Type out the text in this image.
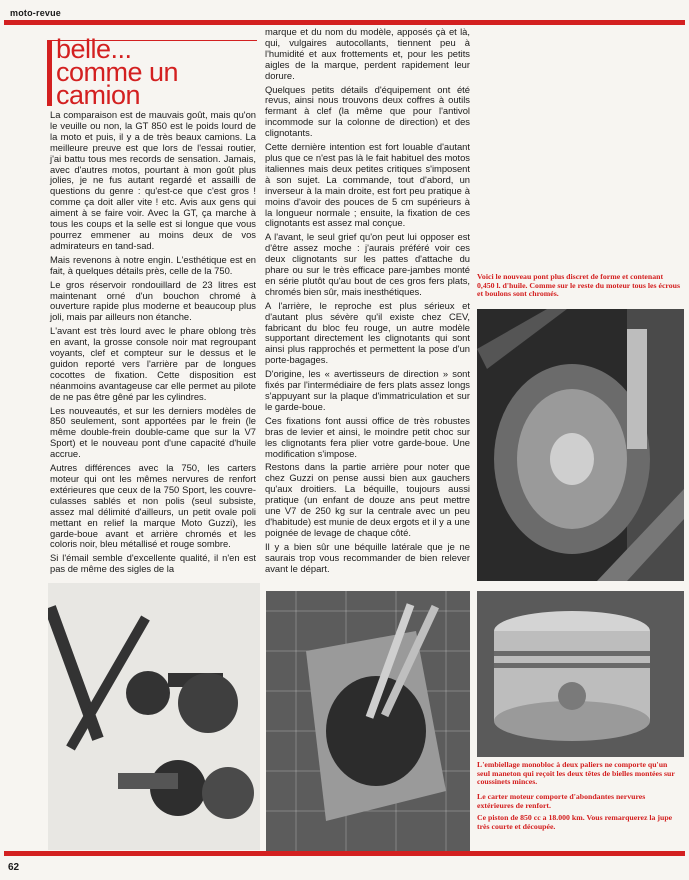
moto-revue
belle...
comme un
camion

La comparaison est de mauvais goût, mais qu'on le veuille ou non, la GT 850 est le poids lourd de la moto et puis, il y a de très beaux camions. La meilleure preuve est que lors de l'essai routier, j'ai battu tous mes records de sensation. Jamais, avec d'autres motos, pourtant à mon goût plus jolies, je ne fus autant regardé et assailli de questions du genre : qu'est-ce que c'est gros ! comme ça doit aller vite ! etc. Avis aux gens qui aiment à se faire voir. Avec la GT, ça marche à tous les coups et la selle est si longue que vous pourrez emmener au moins deux de vos admirateurs en tand-sad.

Mais revenons à notre engin. L'esthétique est en fait, à quelques détails près, celle de la 750.

Le gros réservoir rondouillard de 23 litres est maintenant orné d'un bouchon chromé à ouverture rapide plus moderne et beaucoup plus joli, mais par ailleurs non étanche.

L'avant est très lourd avec le phare oblong très en avant, la grosse console noir mat regroupant voyants, clef et compteur sur le dessus et le guidon reporté vers l'arrière par de longues cocottes de fixation. Cette disposition est néanmoins avantageuse car elle permet au pilote de ne pas être gêné par les cylindres.

Les nouveautés, et sur les derniers modèles de 850 seulement, sont apportées par le frein (le même double-frein double-came que sur la V7 Sport) et le nouveau pont d'une capacité d'huile accrue.

Autres différences avec la 750, les carters moteur qui ont les mêmes nervures de renfort extérieures que ceux de la 750 Sport, les couvre-culasses sablés et non polis (seul subsiste, assez mal délimité d'ailleurs, un petit ovale poli mettant en relief la marque Moto Guzzi), les garde-boue avant et arrière chromés et les coloris noir, bleu métallisé et rouge sombre.

Si l'émail semble d'excellente qualité, il n'en est pas de même des sigles de la

marque et du nom du modèle, apposés çà et là, qui, vulgaires autocollants, tiennent peu à l'humidité et aux frottements et, pour les petits aigles de la marque, perdent rapidement leur dorure.

Quelques petits détails d'équipement ont été revus, ainsi nous trouvons deux coffres à outils fermant à clef (la même que pour l'antivol incommode sur la colonne de direction) et des clignotants.

Cette dernière intention est fort louable d'autant plus que ce n'est pas là le fait habituel des motos italiennes mais deux petites critiques s'imposent à son sujet. La commande, tout d'abord, un inverseur à la main droite, est fort peu pratique à moins d'avoir des pouces de 5 cm supérieurs à la longueur normale ; ensuite, la fixation de ces clignotants est assez mal conçue.

A l'avant, le seul grief qu'on peut lui opposer est d'être assez moche : j'aurais préféré voir ces deux clignotants sur les pattes d'attache du phare ou sur le très efficace pare-jambes monté en série plutôt qu'au bout de ces gros fers plats, chromés bien sûr, mais inesthétiques.

A l'arrière, le reproche est plus sérieux et d'autant plus sévère qu'il existe chez CEV, fabricant du bloc feu rouge, un autre modèle supportant directement les clignotants qui sont ainsi plus rapprochés et permettent la pose d'un porte-bagages.

D'origine, les « avertisseurs de direction » sont fixés par l'intermédiaire de fers plats assez longs s'appuyant sur la plaque d'immatriculation et sur le garde-boue.

Ces fixations font aussi office de très robustes bras de levier et ainsi, le moindre petit choc sur les clignotants fera plier votre garde-boue. Une modification s'impose.

Restons dans la partie arrière pour noter que chez Guzzi on pense aussi bien aux gauchers qu'aux droitiers. La béquille, toujours aussi pratique (un enfant de douze ans peut mettre une V7 de 250 kg sur la centrale avec un peu d'habitude) est munie de deux ergots et il y a une poignée de levage de chaque côté.

Il y a bien sûr une béquille latérale que je ne saurais trop vous recommander de bien relever avant le départ.

Voici le nouveau pont plus discret de forme et contenant 0,450 l. d'huile. Comme sur le reste du moteur tous les écrous et boulons sont chromés.
L'embiellage monobloc à deux paliers ne comporte qu'un seul maneton qui reçoit les deux têtes de bielles montées sur coussinets minces.
Le carter moteur comporte d'abondantes nervures extérieures de renfort.
Ce piston de 850 cc a 18.000 km. Vous remarquerez la jupe très courte et découpée.
62
